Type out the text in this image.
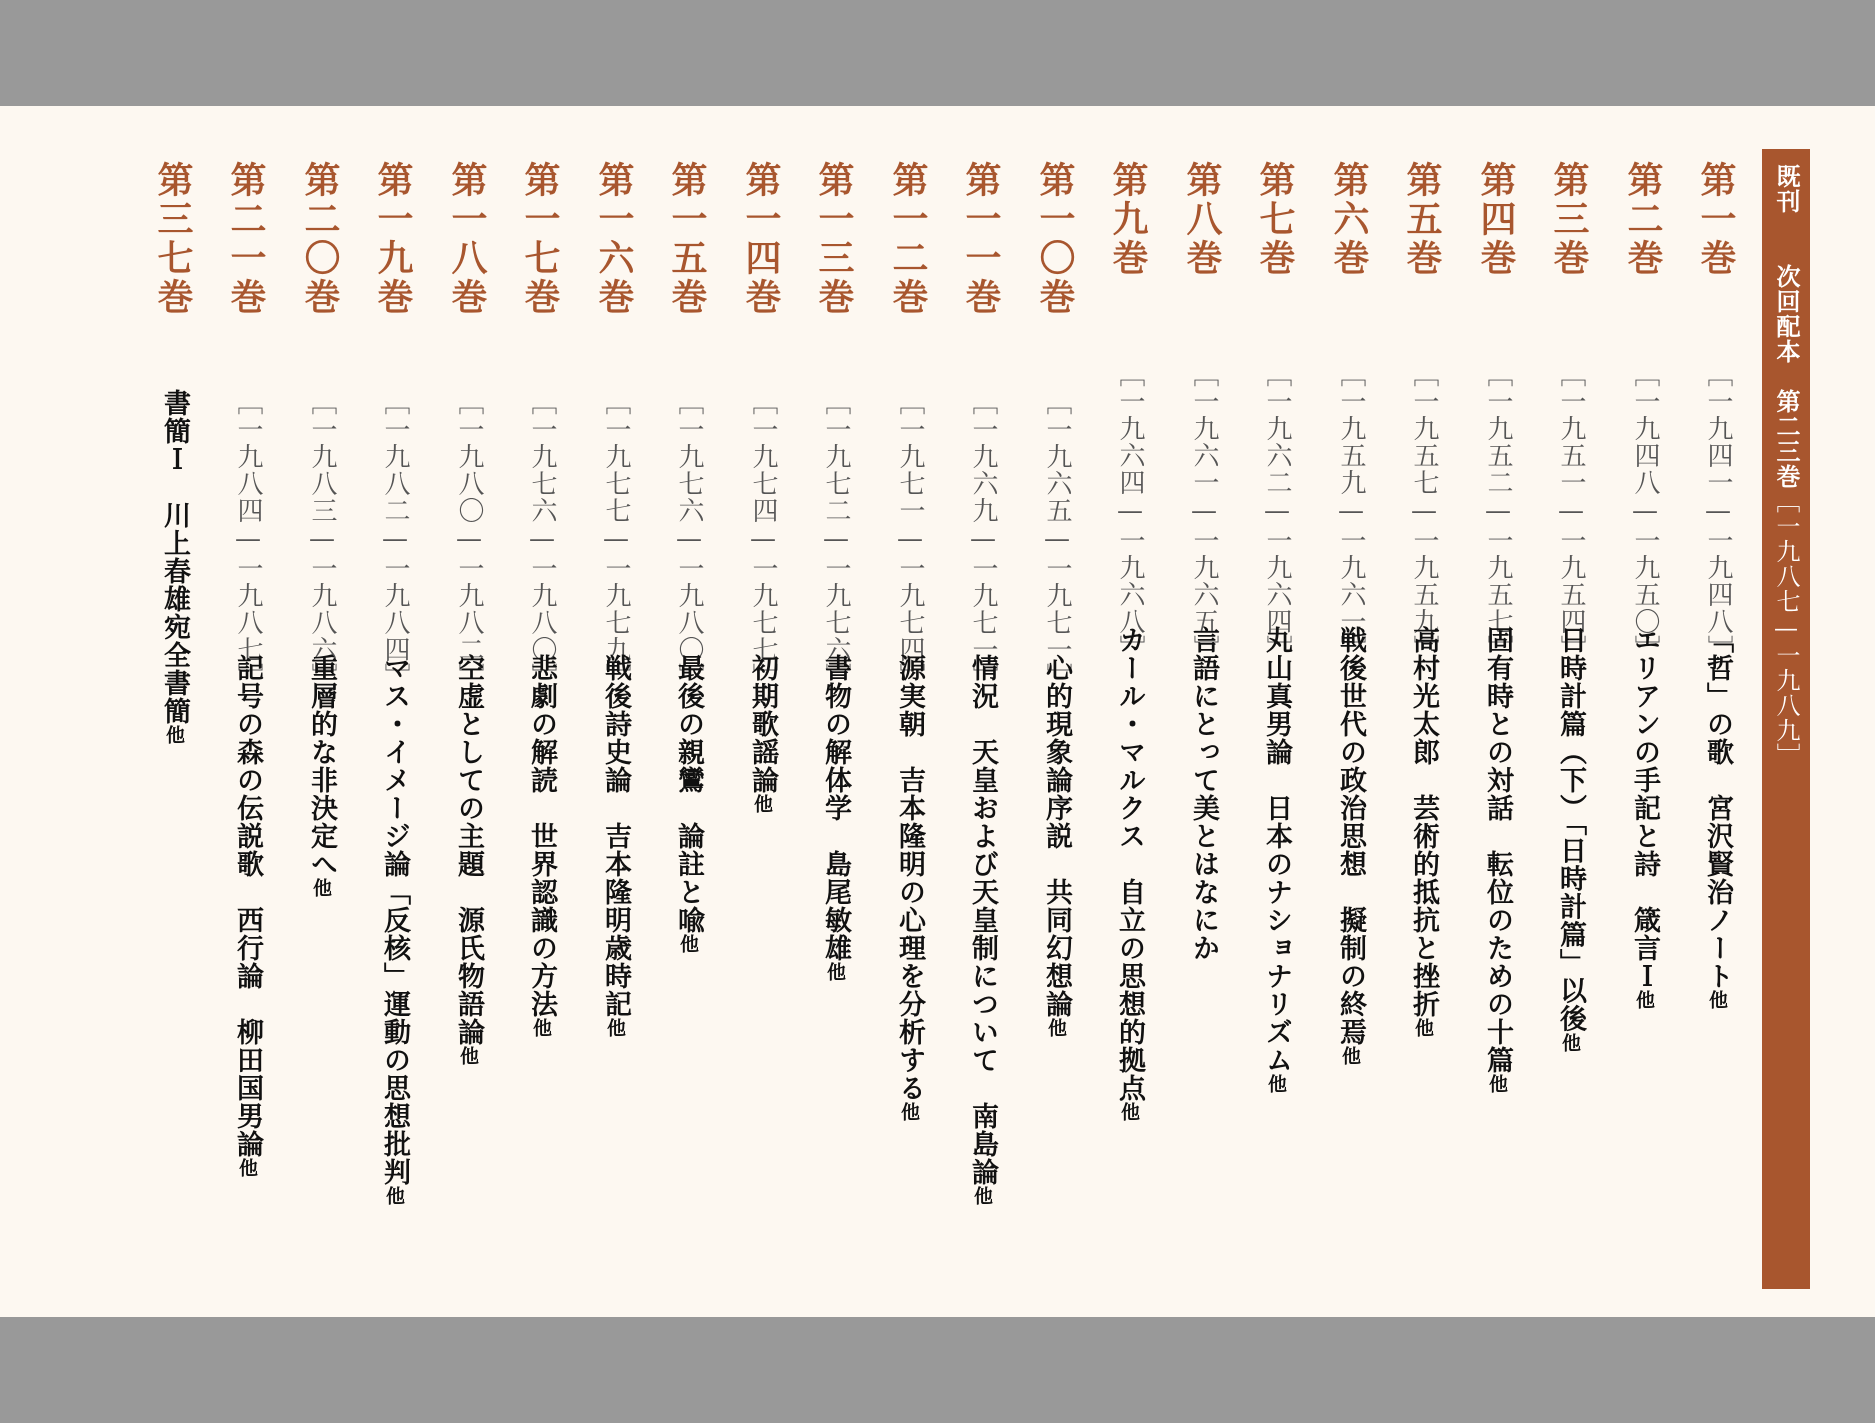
既刊　　次回配本　第二三巻［一九八七—一九八九］
第一巻
［一九四一—一九四八］
「哲」の歌　宮沢賢治ノート他
第二巻
［一九四八—一九五〇］
エリアンの手記と詩　箴言Ｉ他
第三巻
［一九五一—一九五四］
日時計篇（下）「日時計篇」以後他
第四巻
［一九五二—一九五七］
固有時との対話　転位のための十篇他
第五巻
［一九五七—一九五九］
高村光太郎　芸術的抵抗と挫折他
第六巻
［一九五九—一九六一］
戦後世代の政治思想　擬制の終焉他
第七巻
［一九六二—一九六四］
丸山真男論　日本のナショナリズム他
第八巻
［一九六一—一九六五］
言語にとって美とはなにか
第九巻
［一九六四—一九六八］
カール・マルクス　自立の思想的拠点他
第一〇巻
［一九六五—一九七一］
心的現象論序説　共同幻想論他
第一一巻
［一九六九—一九七一］
情況　天皇および天皇制について　南島論他
第一二巻
［一九七一—一九七四］
源実朝　吉本隆明の心理を分析する他
第一三巻
［一九七二—一九七六］
書物の解体学　島尾敏雄他
第一四巻
［一九七四—一九七七］
初期歌謡論他
第一五巻
［一九七六—一九八〇］
最後の親鸞　論註と喩他
第一六巻
［一九七七—一九七九］
戦後詩史論　吉本隆明歳時記他
第一七巻
［一九七六—一九八〇］
悲劇の解読　世界認識の方法他
第一八巻
［一九八〇—一九八二］
空虚としての主題　源氏物語論他
第一九巻
［一九八二—一九八四］
マス・イメージ論「反核」運動の思想批判他
第二〇巻
［一九八三—一九八六］
重層的な非決定へ他
第二一巻
［一九八四—一九八七］
記号の森の伝説歌　西行論　柳田国男論他
第三七巻
書簡Ｉ　川上春雄宛全書簡他
